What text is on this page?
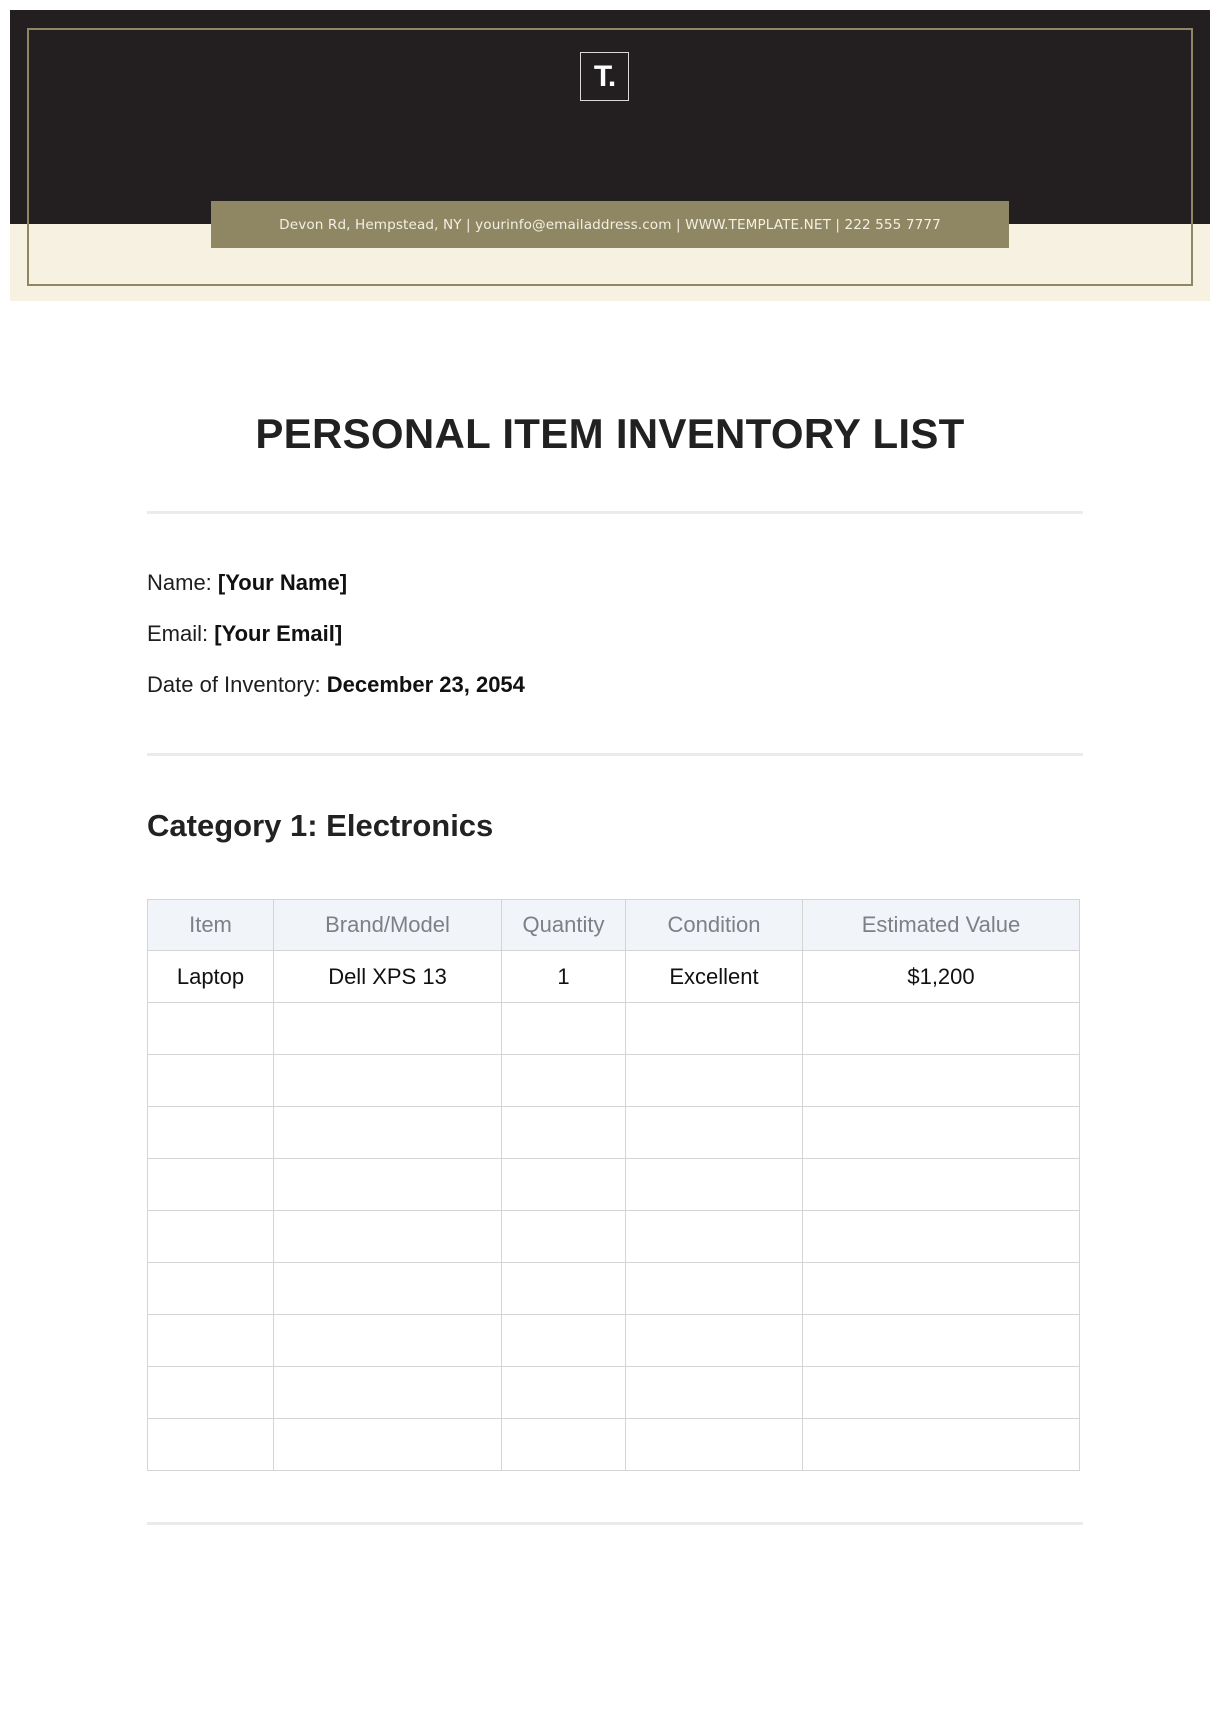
T.
Devon Rd, Hempstead, NY | yourinfo@emailaddress.com | WWW.TEMPLATE.NET | 222 555 7777
PERSONAL ITEM INVENTORY LIST
Name: [Your Name]
Email: [Your Email]
Date of Inventory: December 23, 2054
Category 1: Electronics
Item	Brand/Model	Quantity	Condition	Estimated Value
Laptop	Dell XPS 13	1	Excellent	$1,200
